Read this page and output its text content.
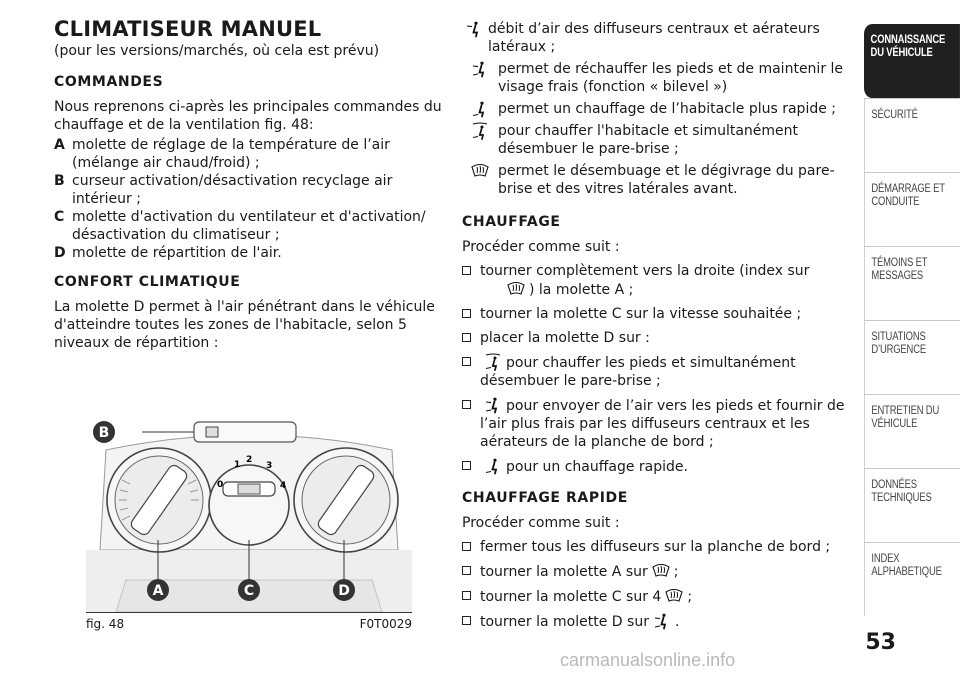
CLIMATISEUR MANUEL
(pour les versions/marchés, où cela est prévu)
COMMANDES
Nous reprenons ci-après les principales commandes du chauffage et de la ventilation fig. 48:
A molette de réglage de la température de l’air (mélange air chaud/froid) ;
B curseur activation/désactivation recyclage air intérieur ;
C molette d'activation du ventilateur et d'activation/ désactivation du climatiseur ;
D molette de répartition de l'air.
CONFORT CLIMATIQUE
La molette D permet à l'air pénétrant dans le véhicule d'atteindre toutes les zones de l'habitacle, selon 5 niveaux de répartition :
1 2
3
0	4
B
A	C	D
fig. 48	F0T0029
débit d’air des diffuseurs centraux et aérateurs latéraux ;
permet de réchauffer les pieds et de maintenir le visage frais (fonction « bilevel »)
permet un chauffage de l’habitacle plus rapide ;
pour chauffer l'habitacle et simultanément désembuer le pare-brise ;
permet le désembuage et le dégivrage du pare-brise et des vitres latérales avant.
CHAUFFAGE
Procéder comme suit :
tourner complètement vers la droite (index sur
) la molette A ;
tourner la molette C sur la vitesse souhaitée ;
placer la molette D sur :
pour chauffer les pieds et simultanément désembuer le pare-brise ;
pour envoyer de l’air vers les pieds et fournir de l’air plus frais par les diffuseurs centraux et les aérateurs de la planche de bord ;
pour un chauffage rapide.
CHAUFFAGE RAPIDE
Procéder comme suit :
fermer tous les diffuseurs sur la planche de bord ;
tourner la molette A sur ;
tourner la molette C sur 4 ;
tourner la molette D sur .
CONNAISSANCE DU VÉHICULE
SÉCURITÉ
DÉMARRAGE ET CONDUITE
TÉMOINS ET MESSAGES
SITUATIONS D’URGENCE
ENTRETIEN DU VÉHICULE
DONNÉES TECHNIQUES
INDEX ALPHABETIQUE
53
carmanualsonline.info
